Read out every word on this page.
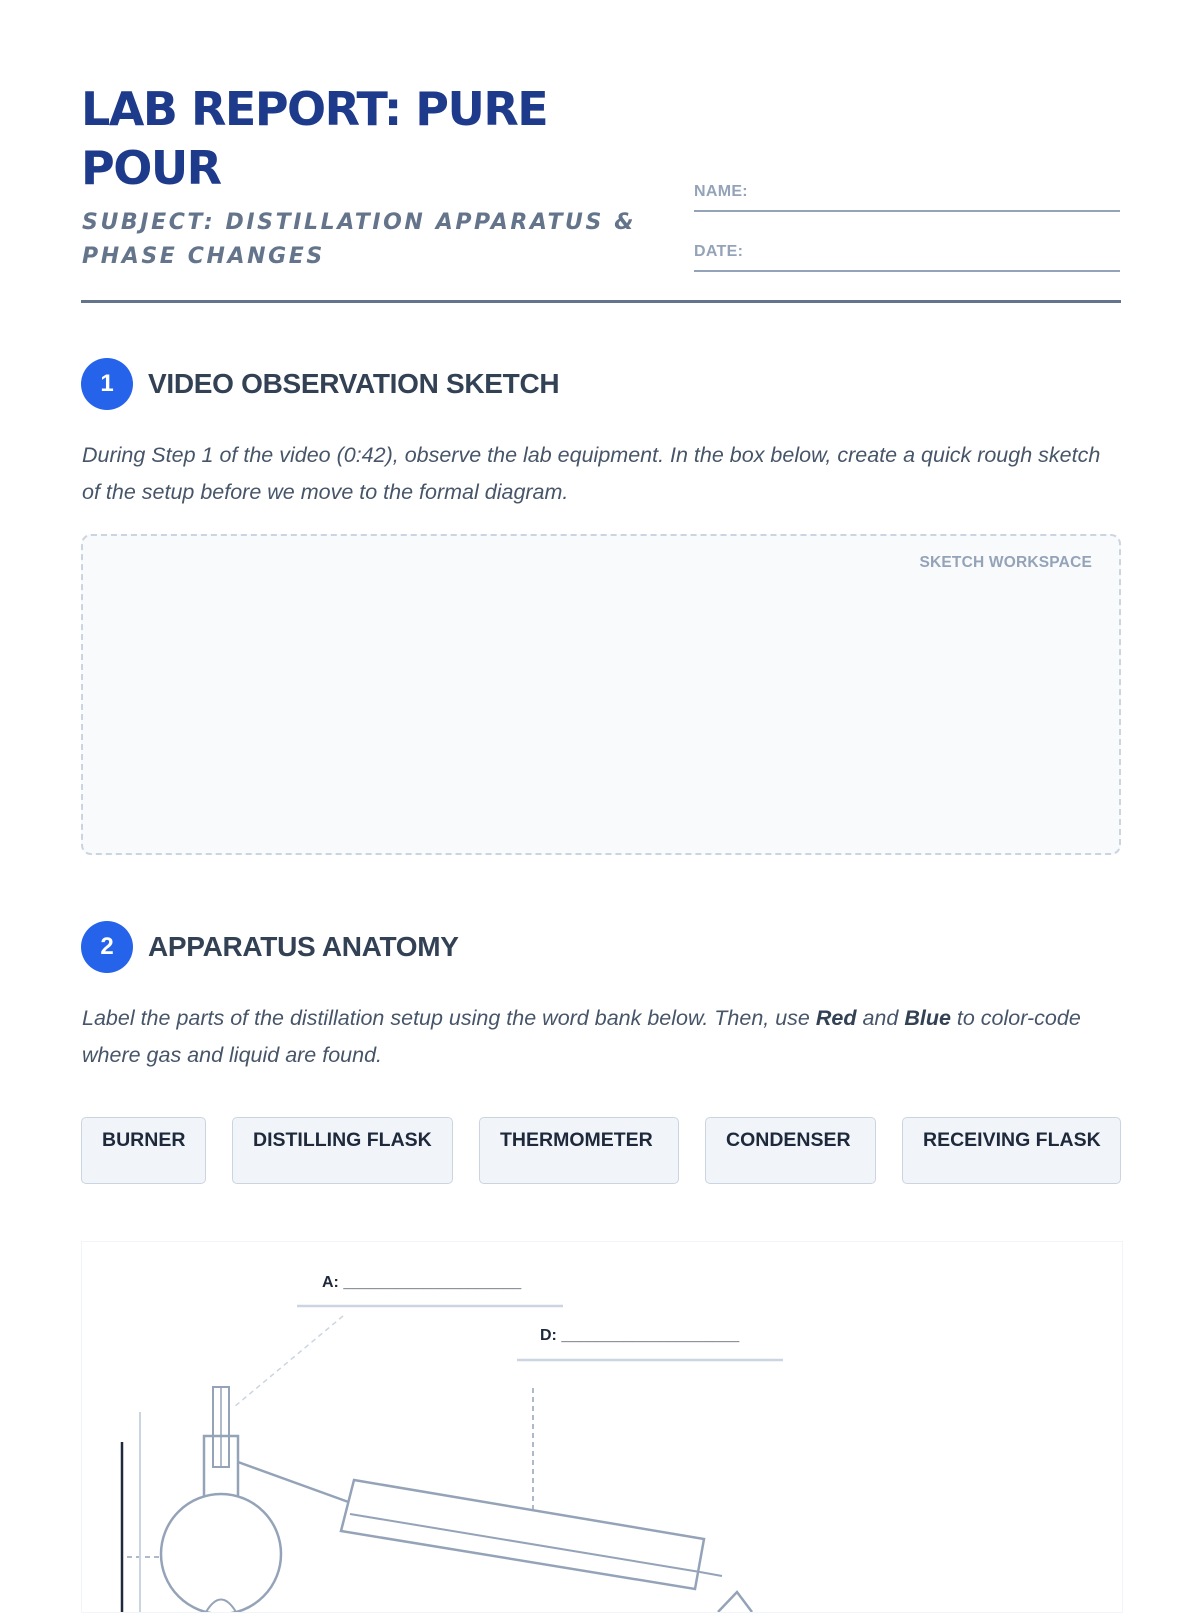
LAB REPORT: PURE POUR
SUBJECT: DISTILLATION APPARATUS & PHASE CHANGES
NAME:
DATE:
1	VIDEO OBSERVATION SKETCH
During Step 1 of the video (0:42), observe the lab equipment. In the box below, create a quick rough sketch of the setup before we move to the formal diagram.
SKETCH WORKSPACE
2	APPARATUS ANATOMY
Label the parts of the distillation setup using the word bank below. Then, use Red and Blue to color-code where gas and liquid are found.
BURNER	DISTILLING FLASK	THERMOMETER	CONDENSER	RECEIVING FLASK
A: ____________________
D: ____________________
